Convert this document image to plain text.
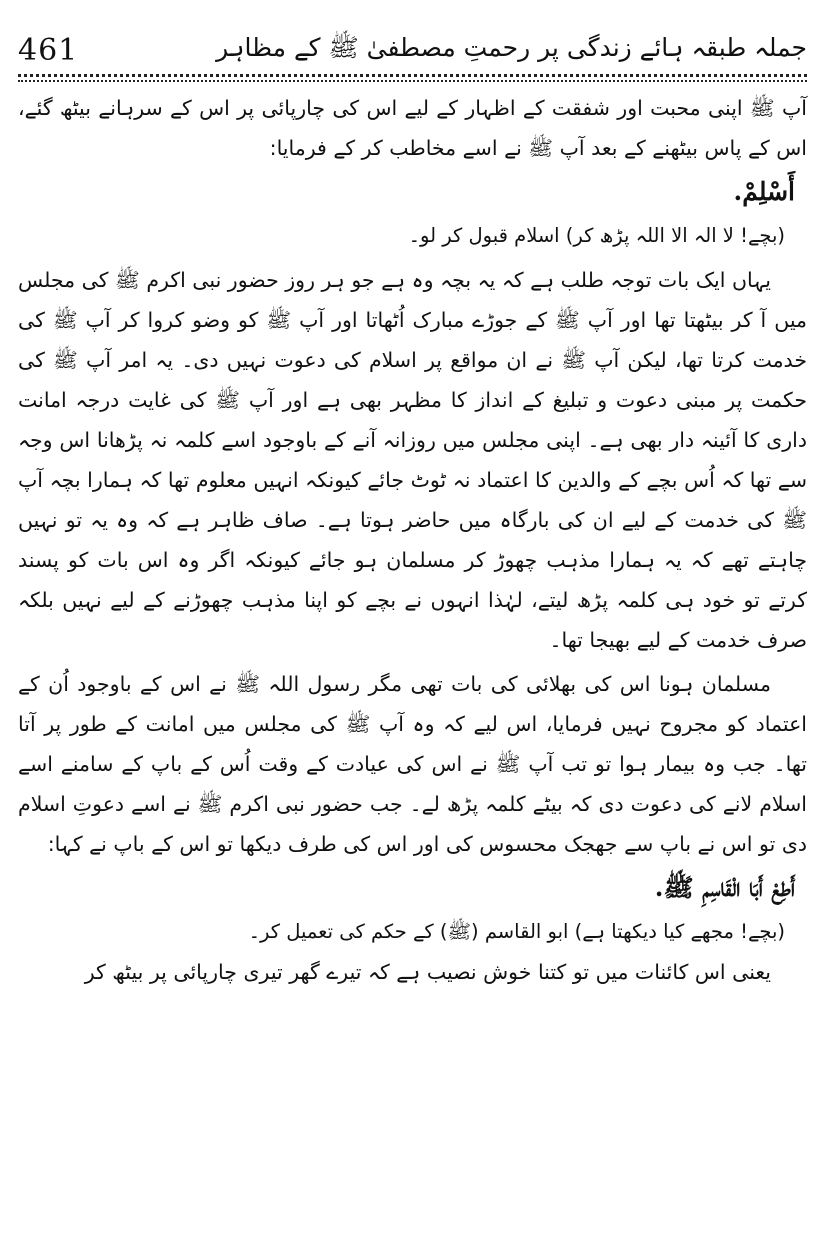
461	جملہ طبقہ ہائے زندگی پر رحمتِ مصطفیٰ ﷺ کے مظاہر

آپ ﷺ اپنی محبت اور شفقت کے اظہار کے لیے اس کی چارپائی پر اس کے سرہانے بیٹھ گئے، اس کے پاس بیٹھنے کے بعد آپ ﷺ نے اسے مخاطب کر کے فرمایا:

أَسْلِمْ.

(بچے! لا الہ الا اللہ پڑھ کر) اسلام قبول کر لو۔

یہاں ایک بات توجہ طلب ہے کہ یہ بچہ وہ ہے جو ہر روز حضور نبی اکرم ﷺ کی مجلس میں آ کر بیٹھتا تھا اور آپ ﷺ کے جوڑے مبارک اُٹھاتا اور آپ ﷺ کو وضو کروا کر آپ ﷺ کی خدمت کرتا تھا، لیکن آپ ﷺ نے ان مواقع پر اسلام کی دعوت نہیں دی۔ یہ امر آپ ﷺ کی حکمت پر مبنی دعوت و تبلیغ کے انداز کا مظہر بھی ہے اور آپ ﷺ کی غایت درجہ امانت داری کا آئینہ دار بھی ہے۔ اپنی مجلس میں روزانہ آنے کے باوجود اسے کلمہ نہ پڑھانا اس وجہ سے تھا کہ اُس بچے کے والدین کا اعتماد نہ ٹوٹ جائے کیونکہ انہیں معلوم تھا کہ ہمارا بچہ آپ ﷺ کی خدمت کے لیے ان کی بارگاہ میں حاضر ہوتا ہے۔ صاف ظاہر ہے کہ وہ یہ تو نہیں چاہتے تھے کہ یہ ہمارا مذہب چھوڑ کر مسلمان ہو جائے کیونکہ اگر وہ اس بات کو پسند کرتے تو خود ہی کلمہ پڑھ لیتے، لہٰذا انہوں نے بچے کو اپنا مذہب چھوڑنے کے لیے نہیں بلکہ صرف خدمت کے لیے بھیجا تھا۔

مسلمان ہونا اس کی بھلائی کی بات تھی مگر رسول اللہ ﷺ نے اس کے باوجود اُن کے اعتماد کو مجروح نہیں فرمایا، اس لیے کہ وہ آپ ﷺ کی مجلس میں امانت کے طور پر آتا تھا۔ جب وہ بیمار ہوا تو تب آپ ﷺ نے اس کی عیادت کے وقت اُس کے باپ کے سامنے اسے اسلام لانے کی دعوت دی کہ بیٹے کلمہ پڑھ لے۔ جب حضور نبی اکرم ﷺ نے اسے دعوتِ اسلام دی تو اس نے باپ سے جھجک محسوس کی اور اس کی طرف دیکھا تو اس کے باپ نے کہا:

أَطِعْ أَبَا الْقَاسِمِ ﷺ.

(بچے! مجھے کیا دیکھتا ہے) ابو القاسم (ﷺ) کے حکم کی تعمیل کر۔

یعنی اس کائنات میں تو کتنا خوش نصیب ہے کہ تیرے گھر تیری چارپائی پر بیٹھ کر
